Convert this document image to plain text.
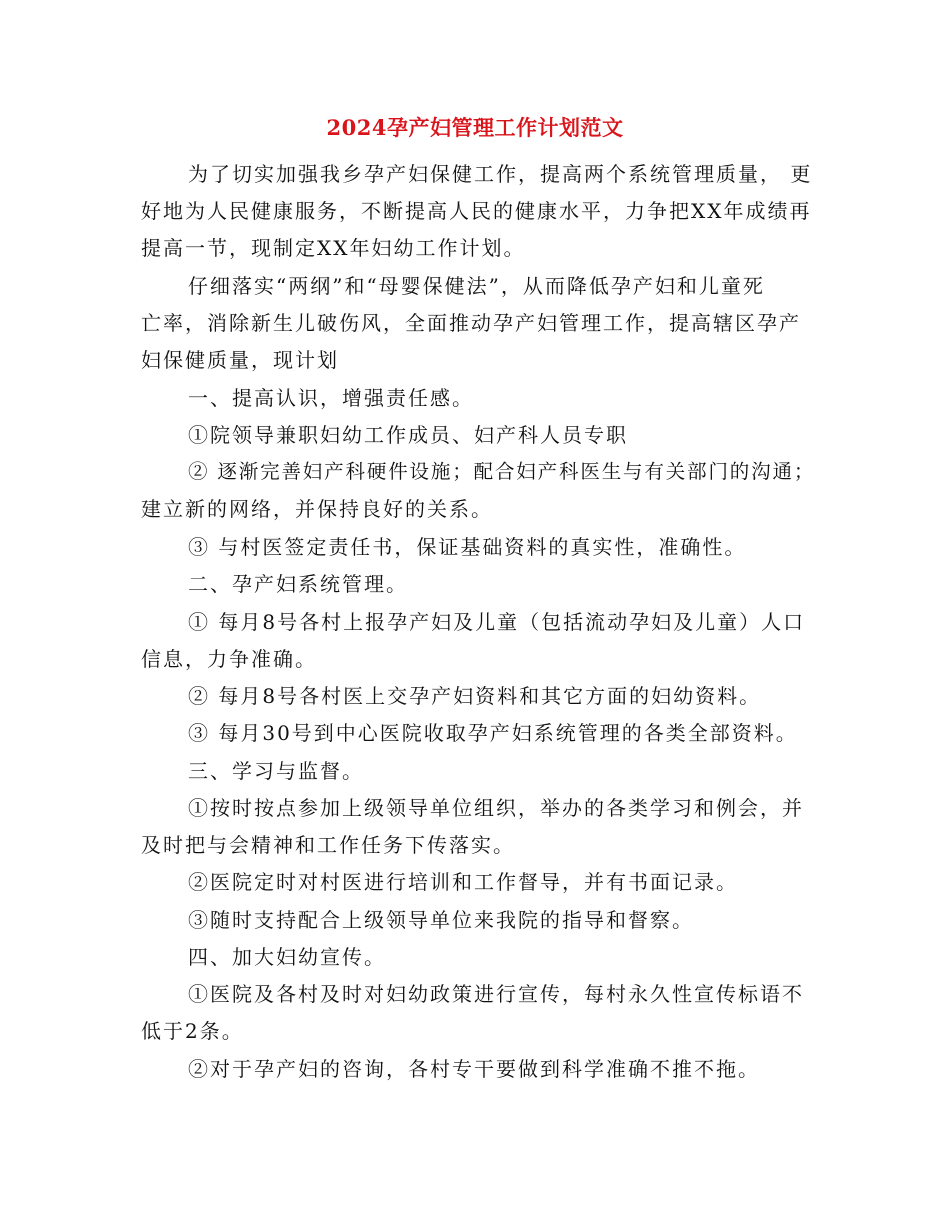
2024孕产妇管理工作计划范文
为了切实加强我乡孕产妇保健工作，提高两个系统管理质量， 更
好地为人民健康服务，不断提高人民的健康水平，力争把XX年成绩再
提高一节，现制定XX年妇幼工作计划。
仔细落实“两纲”和“母婴保健法”，从而降低孕产妇和儿童死
亡率，消除新生儿破伤风，全面推动孕产妇管理工作，提高辖区孕产
妇保健质量，现计划
一、提高认识，增强责任感。
①院领导兼职妇幼工作成员、妇产科人员专职
② 逐渐完善妇产科硬件设施；配合妇产科医生与有关部门的沟通；
建立新的网络，并保持良好的关系。
③ 与村医签定责任书，保证基础资料的真实性，准确性。
二、孕产妇系统管理。
① 每月8号各村上报孕产妇及儿童（包括流动孕妇及儿童）人口
信息，力争准确。
② 每月8号各村医上交孕产妇资料和其它方面的妇幼资料。
③ 每月30号到中心医院收取孕产妇系统管理的各类全部资料。
三、学习与监督。
①按时按点参加上级领导单位组织，举办的各类学习和例会，并
及时把与会精神和工作任务下传落实。
②医院定时对村医进行培训和工作督导，并有书面记录。
③随时支持配合上级领导单位来我院的指导和督察。
四、加大妇幼宣传。
①医院及各村及时对妇幼政策进行宣传，每村永久性宣传标语不
低于2条。
②对于孕产妇的咨询，各村专干要做到科学准确不推不拖。
